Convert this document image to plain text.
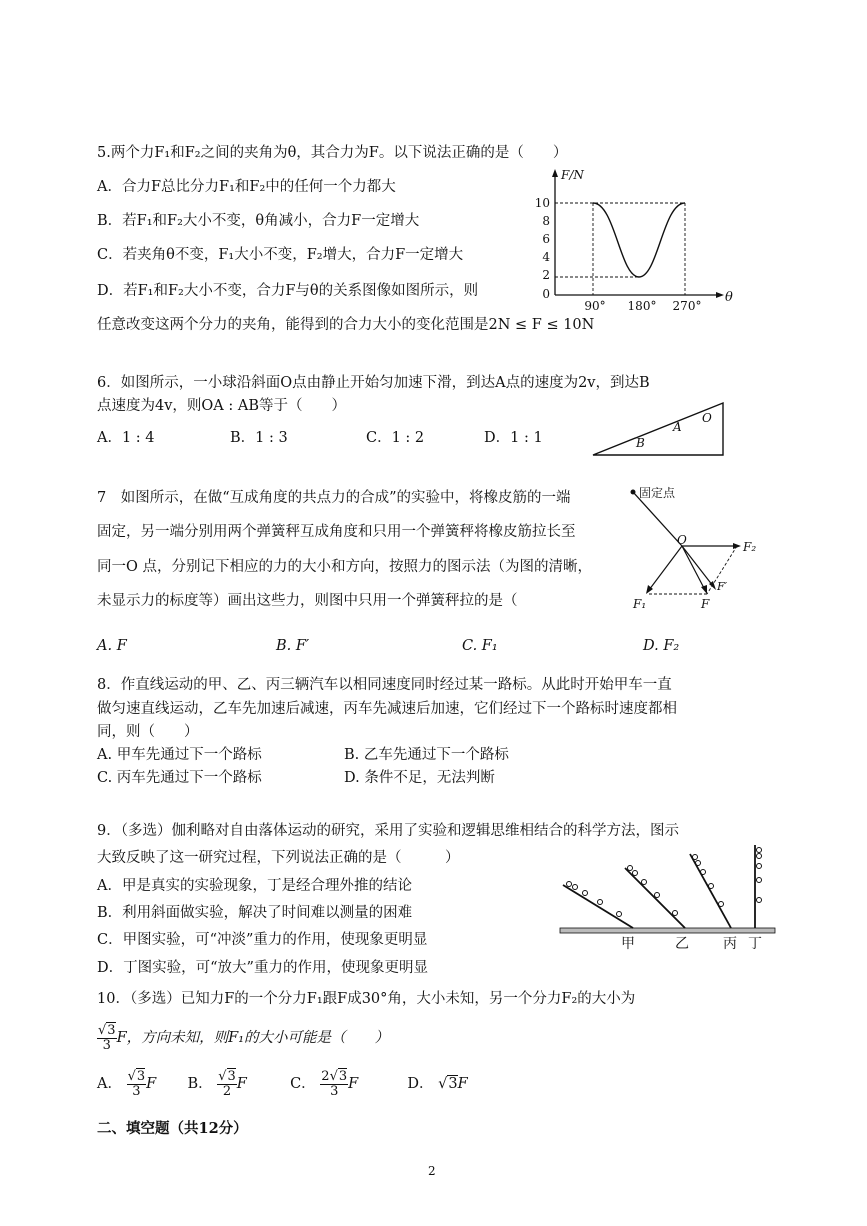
5.两个力F₁和F₂之间的夹角为θ，其合力为F。以下说法正确的是（　　）
A．合力F总比分力F₁和F₂中的任何一个力都大
B．若F₁和F₂大小不变，θ角减小，合力F一定增大
C．若夹角θ不变，F₁大小不变，F₂增大，合力F一定增大
D．若F₁和F₂大小不变，合力F与θ的关系图像如图所示，则
任意改变这两个分力的夹角，能得到的合力大小的变化范围是2N ≤ F ≤ 10N
F/N
θ
10
8
6
4
2
0
90° 180° 270°
6．如图所示，一小球沿斜面O点由静止开始匀加速下滑，到达A点的速度为2v，到达B
点速度为4v，则OA : AB等于（　　）
A．1 : 4	B．1 : 3	C．1 : 2	D．1 : 1
O
A
B
7　如图所示，在做“互成角度的共点力的合成”的实验中，将橡皮筋的一端
固定，另一端分别用两个弹簧秤互成角度和只用一个弹簧秤将橡皮筋拉长至
同一O 点，分别记下相应的力的大小和方向，按照力的图示法（为图的清晰，
未显示力的标度等）画出这些力，则图中只用一个弹簧秤拉的是（
A. F	B. F′	C. F₁	D. F₂
固定点
O	F₂
F₁	F
F′
8．作直线运动的甲、乙、丙三辆汽车以相同速度同时经过某一路标。从此时开始甲车一直
做匀速直线运动，乙车先加速后减速，丙车先减速后加速，它们经过下一个路标时速度都相
同，则（　　）
A. 甲车先通过下一个路标	B. 乙车先通过下一个路标
C. 丙车先通过下一个路标	D. 条件不足，无法判断
9．（多选）伽利略对自由落体运动的研究，采用了实验和逻辑思维相结合的科学方法，图示
大致反映了这一研究过程，下列说法正确的是（　　　）
A．甲是真实的实验现象，丁是经合理外推的结论
B．利用斜面做实验，解决了时间难以测量的困难
C．甲图实验，可“冲淡”重力的作用，使现象更明显
D．丁图实验，可“放大”重力的作用，使现象更明显
甲	乙 丙 丁
10．（多选）已知力F的一个分力F₁跟F成30°角，大小未知，另一个分力F₂的大小为
$\frac{√3}{3}$ F，方向未知，则F₁的大小可能是（　　）
A． $\frac{√3}{3}$ F B． $\frac{√3}{2}$ F	C． $\frac{2√3}{3}$ F	D． √3F
二、填空题（共12分）
2
